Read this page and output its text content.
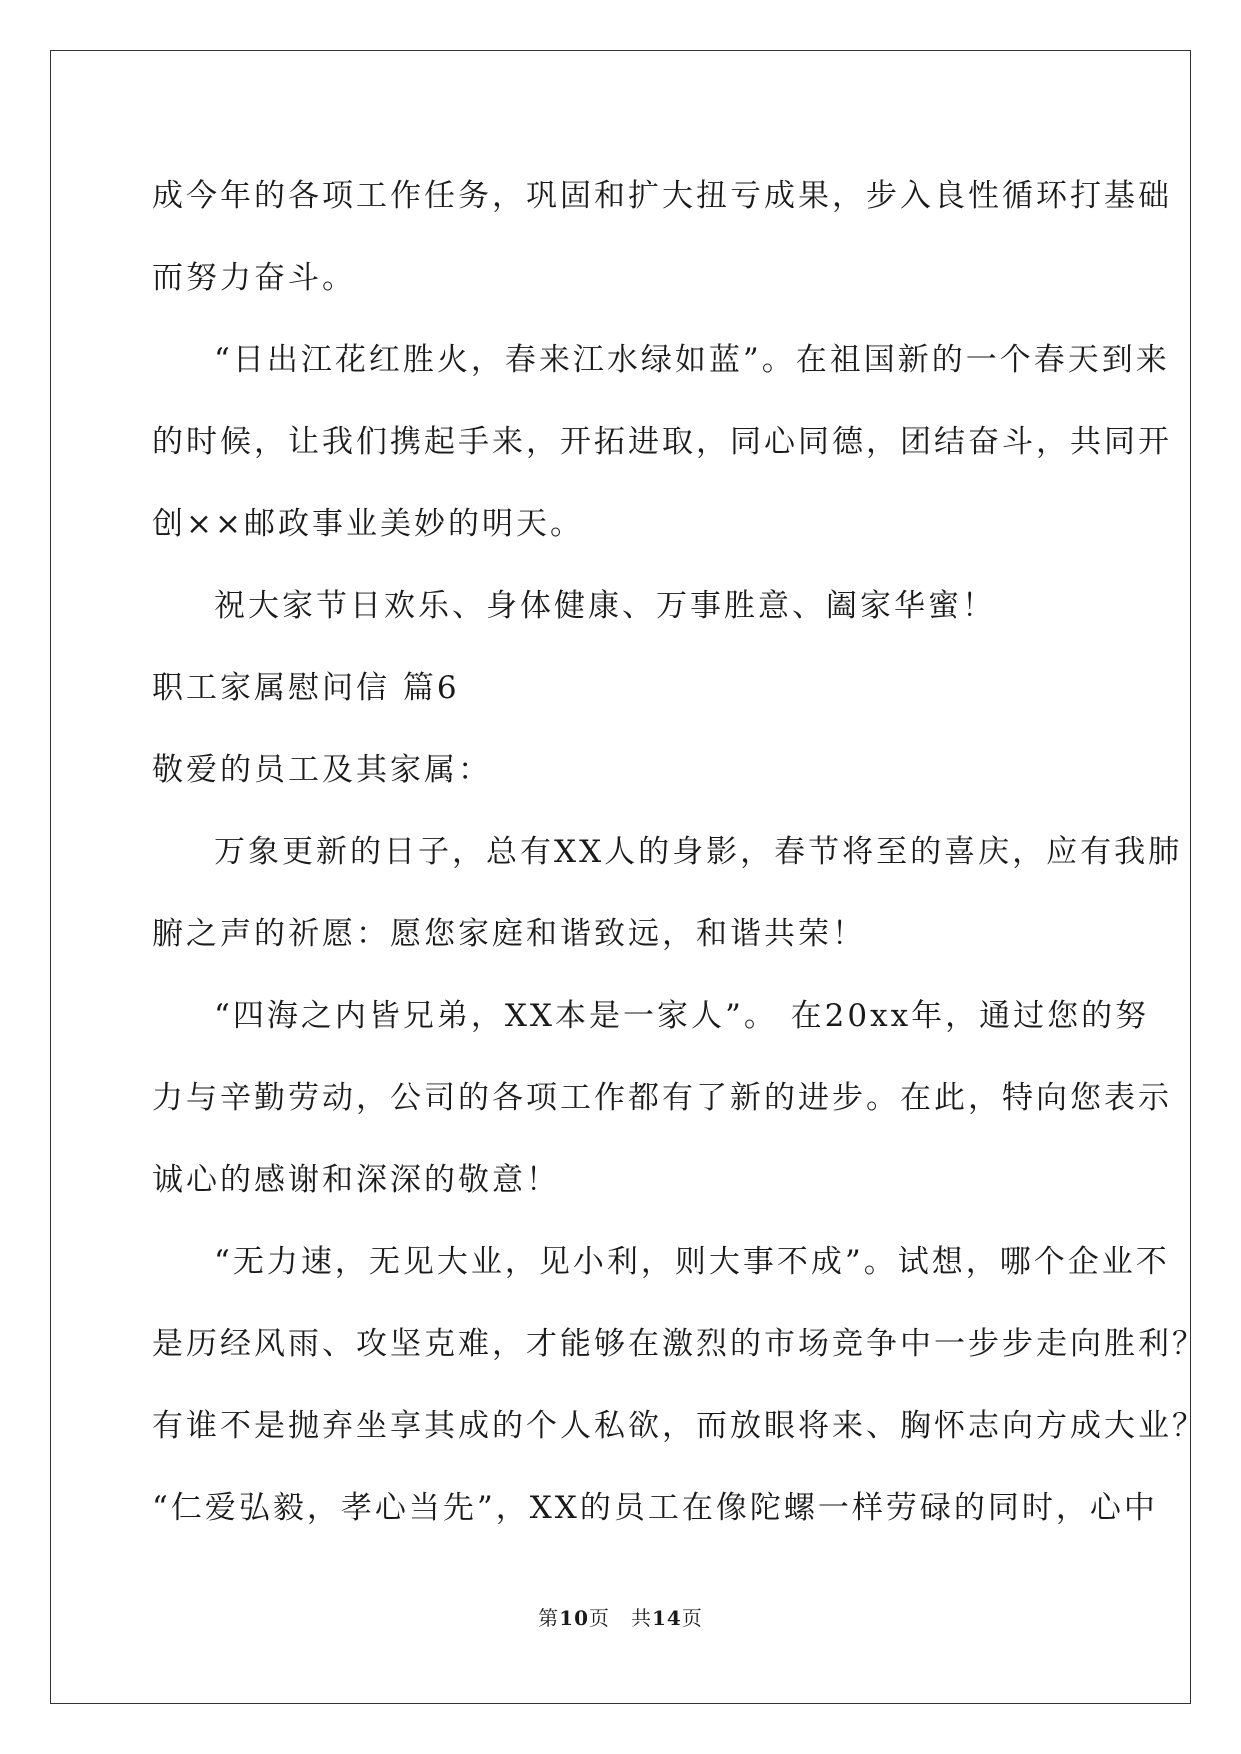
成今年的各项工作任务，巩固和扩大扭亏成果，步入良性循环打基础
而努力奋斗。
“日出江花红胜火，春来江水绿如蓝”。在祖国新的一个春天到来
的时候，让我们携起手来，开拓进取，同心同德，团结奋斗，共同开
创××邮政事业美妙的明天。
祝大家节日欢乐、身体健康、万事胜意、阖家华蜜！
职工家属慰问信 篇6
敬爱的员工及其家属：
万象更新的日子，总有XX人的身影，春节将至的喜庆，应有我肺
腑之声的祈愿：愿您家庭和谐致远，和谐共荣！
“四海之内皆兄弟，XX本是一家人”。 在20xx年，通过您的努
力与辛勤劳动，公司的各项工作都有了新的进步。在此，特向您表示
诚心的感谢和深深的敬意！
“无力速，无见大业，见小利，则大事不成”。试想，哪个企业不
是历经风雨、攻坚克难，才能够在激烈的市场竞争中一步步走向胜利？
有谁不是抛弃坐享其成的个人私欲，而放眼将来、胸怀志向方成大业？
“仁爱弘毅，孝心当先”，XX的员工在像陀螺一样劳碌的同时，心中
第10页　共14页
